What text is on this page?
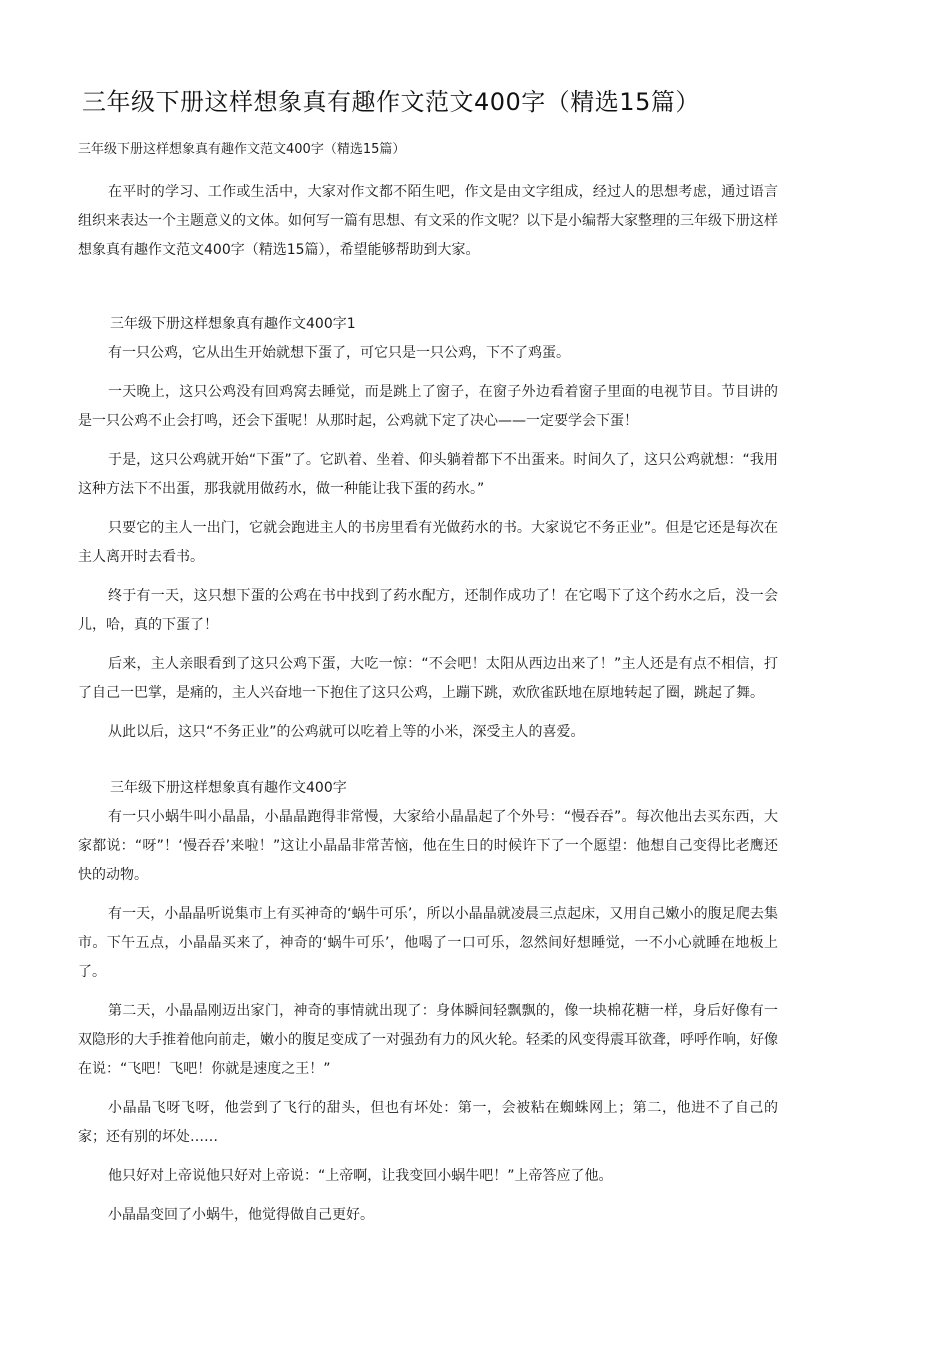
三年级下册这样想象真有趣作文范文400字（精选15篇）
三年级下册这样想象真有趣作文范文400字（精选15篇）

在平时的学习、工作或生活中，大家对作文都不陌生吧，作文是由文字组成，经过人的思想考虑，通过语言组织来表达一个主题意义的文体。如何写一篇有思想、有文采的作文呢？以下是小编帮大家整理的三年级下册这样想象真有趣作文范文400字（精选15篇），希望能够帮助到大家。

三年级下册这样想象真有趣作文400字1

有一只公鸡，它从出生开始就想下蛋了，可它只是一只公鸡，下不了鸡蛋。

一天晚上，这只公鸡没有回鸡窝去睡觉，而是跳上了窗子，在窗子外边看着窗子里面的电视节目。节目讲的是一只公鸡不止会打鸣，还会下蛋呢！从那时起，公鸡就下定了决心——一定要学会下蛋！

于是，这只公鸡就开始“下蛋”了。它趴着、坐着、仰头躺着都下不出蛋来。时间久了，这只公鸡就想：“我用这种方法下不出蛋，那我就用做药水，做一种能让我下蛋的药水。”

只要它的主人一出门，它就会跑进主人的书房里看有光做药水的书。大家说它不务正业”。但是它还是每次在主人离开时去看书。

终于有一天，这只想下蛋的公鸡在书中找到了药水配方，还制作成功了！在它喝下了这个药水之后，没一会儿，哈，真的下蛋了！

后来，主人亲眼看到了这只公鸡下蛋，大吃一惊：“不会吧！太阳从西边出来了！”主人还是有点不相信，打了自己一巴掌，是痛的，主人兴奋地一下抱住了这只公鸡，上蹦下跳，欢欣雀跃地在原地转起了圈，跳起了舞。

从此以后，这只“不务正业”的公鸡就可以吃着上等的小米，深受主人的喜爱。

三年级下册这样想象真有趣作文400字

有一只小蜗牛叫小晶晶，小晶晶跑得非常慢，大家给小晶晶起了个外号：“慢吞吞”。每次他出去买东西，大家都说：“呀”！‘慢吞吞’来啦！”这让小晶晶非常苦恼，他在生日的时候许下了一个愿望：他想自己变得比老鹰还快的动物。

有一天，小晶晶听说集市上有买神奇的‘蜗牛可乐’，所以小晶晶就凌晨三点起床，又用自己嫩小的腹足爬去集市。下午五点，小晶晶买来了，神奇的‘蜗牛可乐’，他喝了一口可乐，忽然间好想睡觉，一不小心就睡在地板上了。

第二天，小晶晶刚迈出家门，神奇的事情就出现了：身体瞬间轻飘飘的，像一块棉花糖一样，身后好像有一双隐形的大手推着他向前走，嫩小的腹足变成了一对强劲有力的风火轮。轻柔的风变得震耳欲聋，呼呼作响，好像在说：“飞吧！飞吧！你就是速度之王！”

小晶晶飞呀飞呀，他尝到了飞行的甜头，但也有坏处：第一，会被粘在蜘蛛网上；第二，他进不了自己的家；还有别的坏处……

他只好对上帝说他只好对上帝说：“上帝啊，让我变回小蜗牛吧！”上帝答应了他。

小晶晶变回了小蜗牛，他觉得做自己更好。
